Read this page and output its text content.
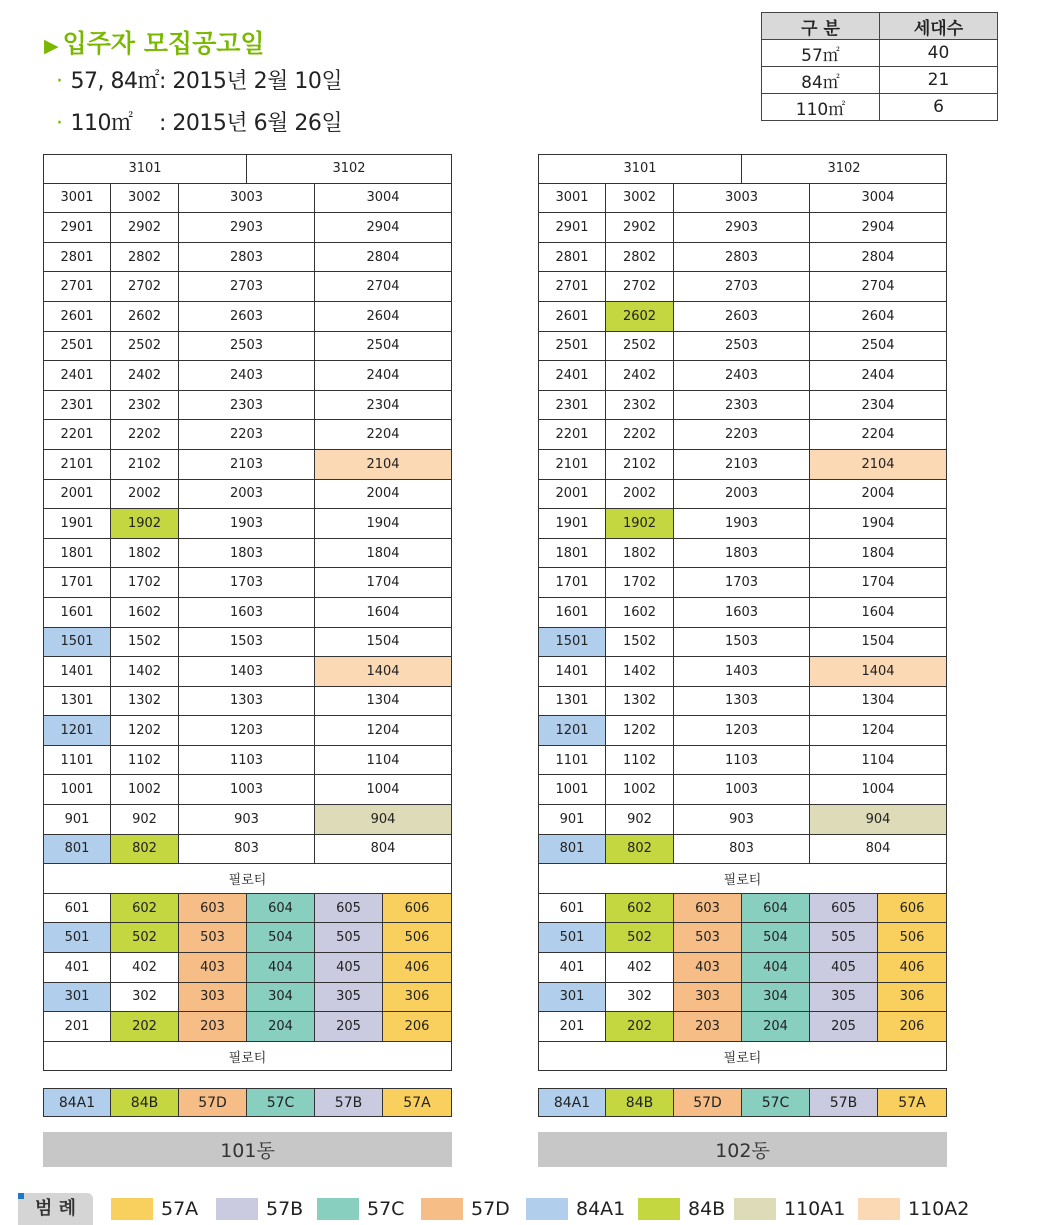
▶ 입주자 모집공고일
· 57, 84㎡ : 2015년 2월 10일
· 110㎡ : 2015년 6월 26일
구 분	세대수
57㎡	40
84㎡	21
110㎡	6
3101	3102
3001	3002	3003	3004
2901	2902	2903	2904
2801	2802	2803	2804
2701	2702	2703	2704
2601	2602	2603	2604
2501	2502	2503	2504
2401	2402	2403	2404
2301	2302	2303	2304
2201	2202	2203	2204
2101	2102	2103	2104
2001	2002	2003	2004
1901	1902	1903	1904
1801	1802	1803	1804
1701	1702	1703	1704
1601	1602	1603	1604
1501	1502	1503	1504
1401	1402	1403	1404
1301	1302	1303	1304
1201	1202	1203	1204
1101	1102	1103	1104
1001	1002	1003	1004
901	902	903	904
801	802	803	804
필로티
601	602	603	604	605	606
501	502	503	504	505	506
401	402	403	404	405	406
301	302	303	304	305	306
201	202	203	204	205	206
필로티
3101	3102
3001	3002	3003	3004
2901	2902	2903	2904
2801	2802	2803	2804
2701	2702	2703	2704
2601	2602	2603	2604
2501	2502	2503	2504
2401	2402	2403	2404
2301	2302	2303	2304
2201	2202	2203	2204
2101	2102	2103	2104
2001	2002	2003	2004
1901	1902	1903	1904
1801	1802	1803	1804
1701	1702	1703	1704
1601	1602	1603	1604
1501	1502	1503	1504
1401	1402	1403	1404
1301	1302	1303	1304
1201	1202	1203	1204
1101	1102	1103	1104
1001	1002	1003	1004
901	902	903	904
801	802	803	804
필로티
601	602	603	604	605	606
501	502	503	504	505	506
401	402	403	404	405	406
301	302	303	304	305	306
201	202	203	204	205	206
필로티
84A1	84B	57D	57C	57B	57A	84A1	84B	57D	57C	57B	57A
101동	102동
범 례	57A	57B	57C	57D	84A1	84B	110A1	110A2
